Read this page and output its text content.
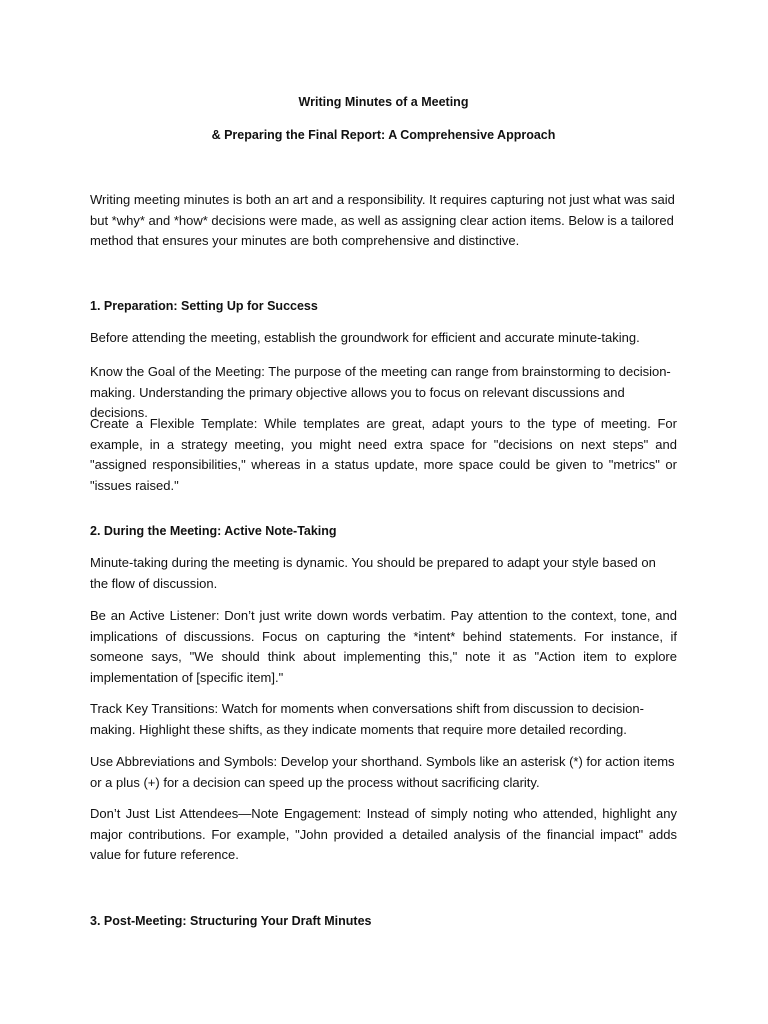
Writing Minutes of a Meeting

& Preparing the Final Report: A Comprehensive Approach

Writing meeting minutes is both an art and a responsibility. It requires capturing not just what was said but *why* and *how* decisions were made, as well as assigning clear action items. Below is a tailored method that ensures your minutes are both comprehensive and distinctive.

1. Preparation: Setting Up for Success

Before attending the meeting, establish the groundwork for efficient and accurate minute-taking.

Know the Goal of the Meeting: The purpose of the meeting can range from brainstorming to decision-making. Understanding the primary objective allows you to focus on relevant discussions and decisions.

Create a Flexible Template: While templates are great, adapt yours to the type of meeting. For example, in a strategy meeting, you might need extra space for "decisions on next steps" and "assigned responsibilities," whereas in a status update, more space could be given to "metrics" or "issues raised."

2. During the Meeting: Active Note-Taking

Minute-taking during the meeting is dynamic. You should be prepared to adapt your style based on the flow of discussion.

Be an Active Listener: Don’t just write down words verbatim. Pay attention to the context, tone, and implications of discussions. Focus on capturing the *intent* behind statements. For instance, if someone says, "We should think about implementing this," note it as "Action item to explore implementation of [specific item]."

Track Key Transitions: Watch for moments when conversations shift from discussion to decision-making. Highlight these shifts, as they indicate moments that require more detailed recording.

Use Abbreviations and Symbols: Develop your shorthand. Symbols like an asterisk (*) for action items or a plus (+) for a decision can speed up the process without sacrificing clarity.

Don’t Just List Attendees—Note Engagement: Instead of simply noting who attended, highlight any major contributions. For example, "John provided a detailed analysis of the financial impact" adds value for future reference.

3. Post-Meeting: Structuring Your Draft Minutes
